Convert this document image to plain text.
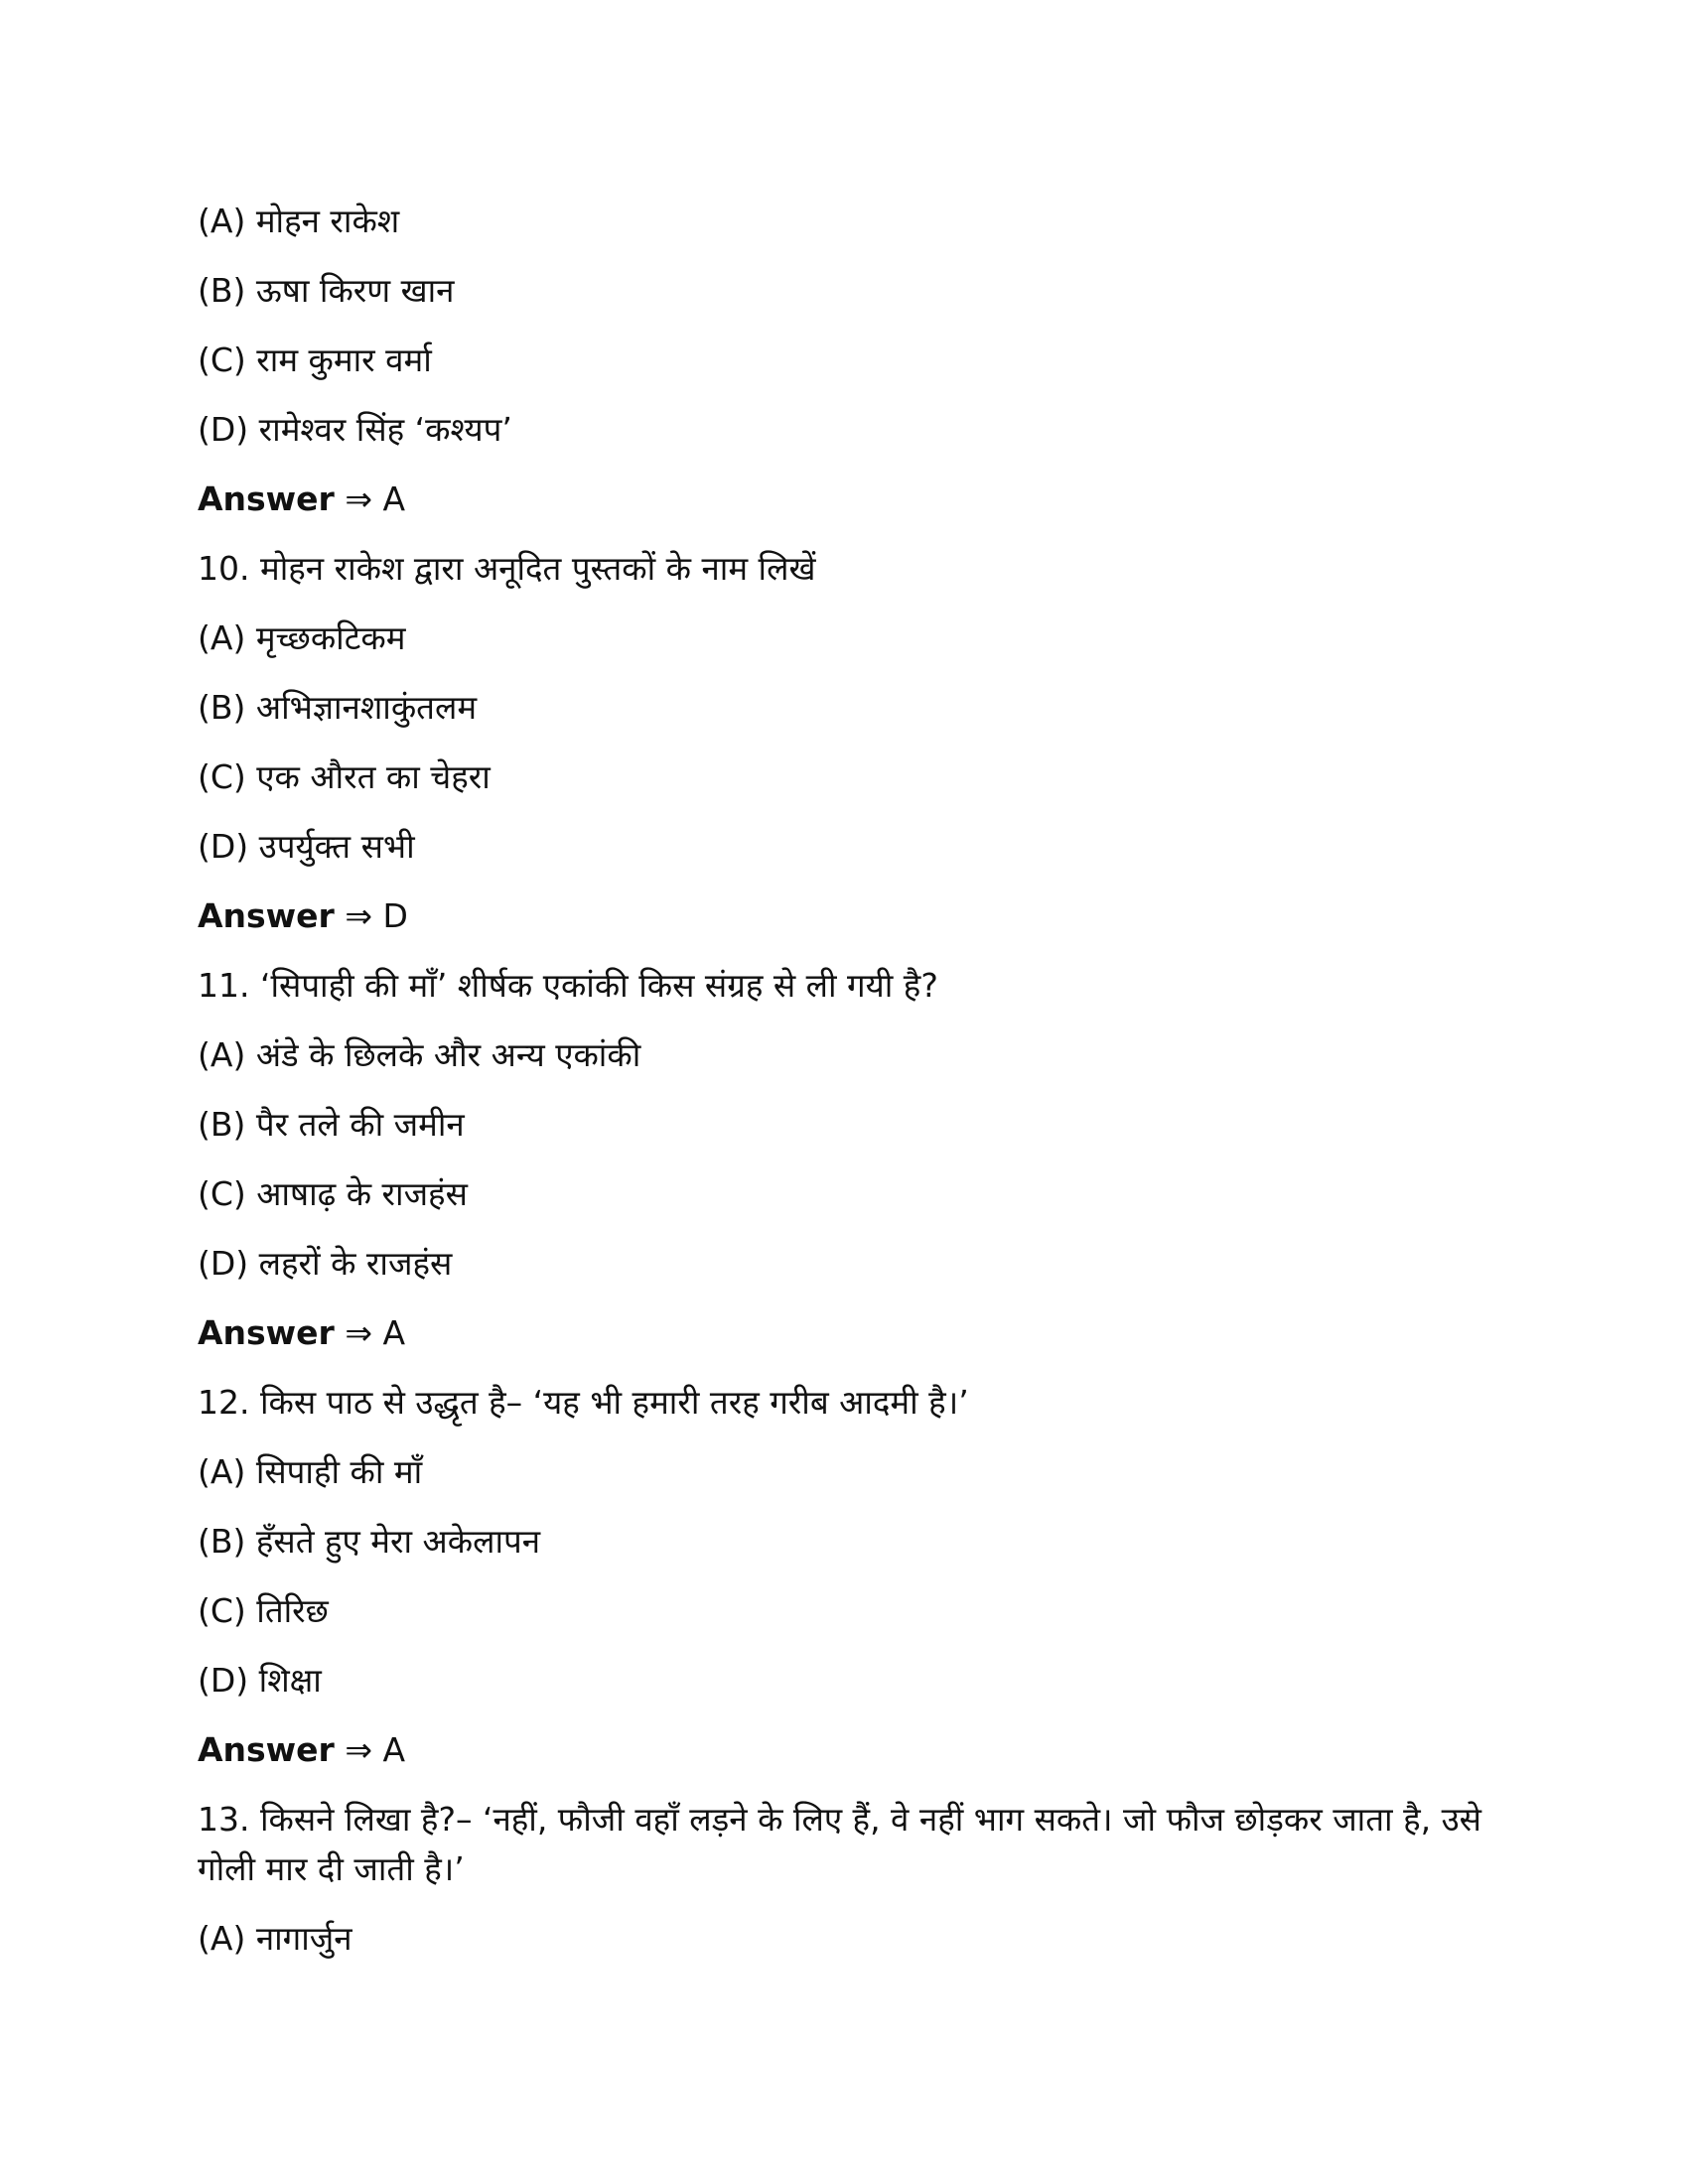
(A) मोहन राकेश
(B) ऊषा किरण खान
(C) राम कुमार वर्मा
(D) रामेश्वर सिंह ‘कश्यप’
Answer ⇒ A
10. मोहन राकेश द्वारा अनूदित पुस्तकों के नाम लिखें
(A) मृच्छकटिकम
(B) अभिज्ञानशाकुंतलम
(C) एक औरत का चेहरा
(D) उपर्युक्त सभी
Answer ⇒ D
11. ‘सिपाही की माँ’ शीर्षक एकांकी किस संग्रह से ली गयी है?
(A) अंडे के छिलके और अन्य एकांकी
(B) पैर तले की जमीन
(C) आषाढ़ के राजहंस
(D) लहरों के राजहंस
Answer ⇒ A
12. किस पाठ से उद्धृत है– ‘यह भी हमारी तरह गरीब आदमी है।’
(A) सिपाही की माँ
(B) हँसते हुए मेरा अकेलापन
(C) तिरिछ
(D) शिक्षा
Answer ⇒ A
13. किसने लिखा है?– ‘नहीं, फौजी वहाँ लड़ने के लिए हैं, वे नहीं भाग सकते। जो फौज छोड़कर जाता है, उसे गोली मार दी जाती है।’
(A) नागार्जुन
